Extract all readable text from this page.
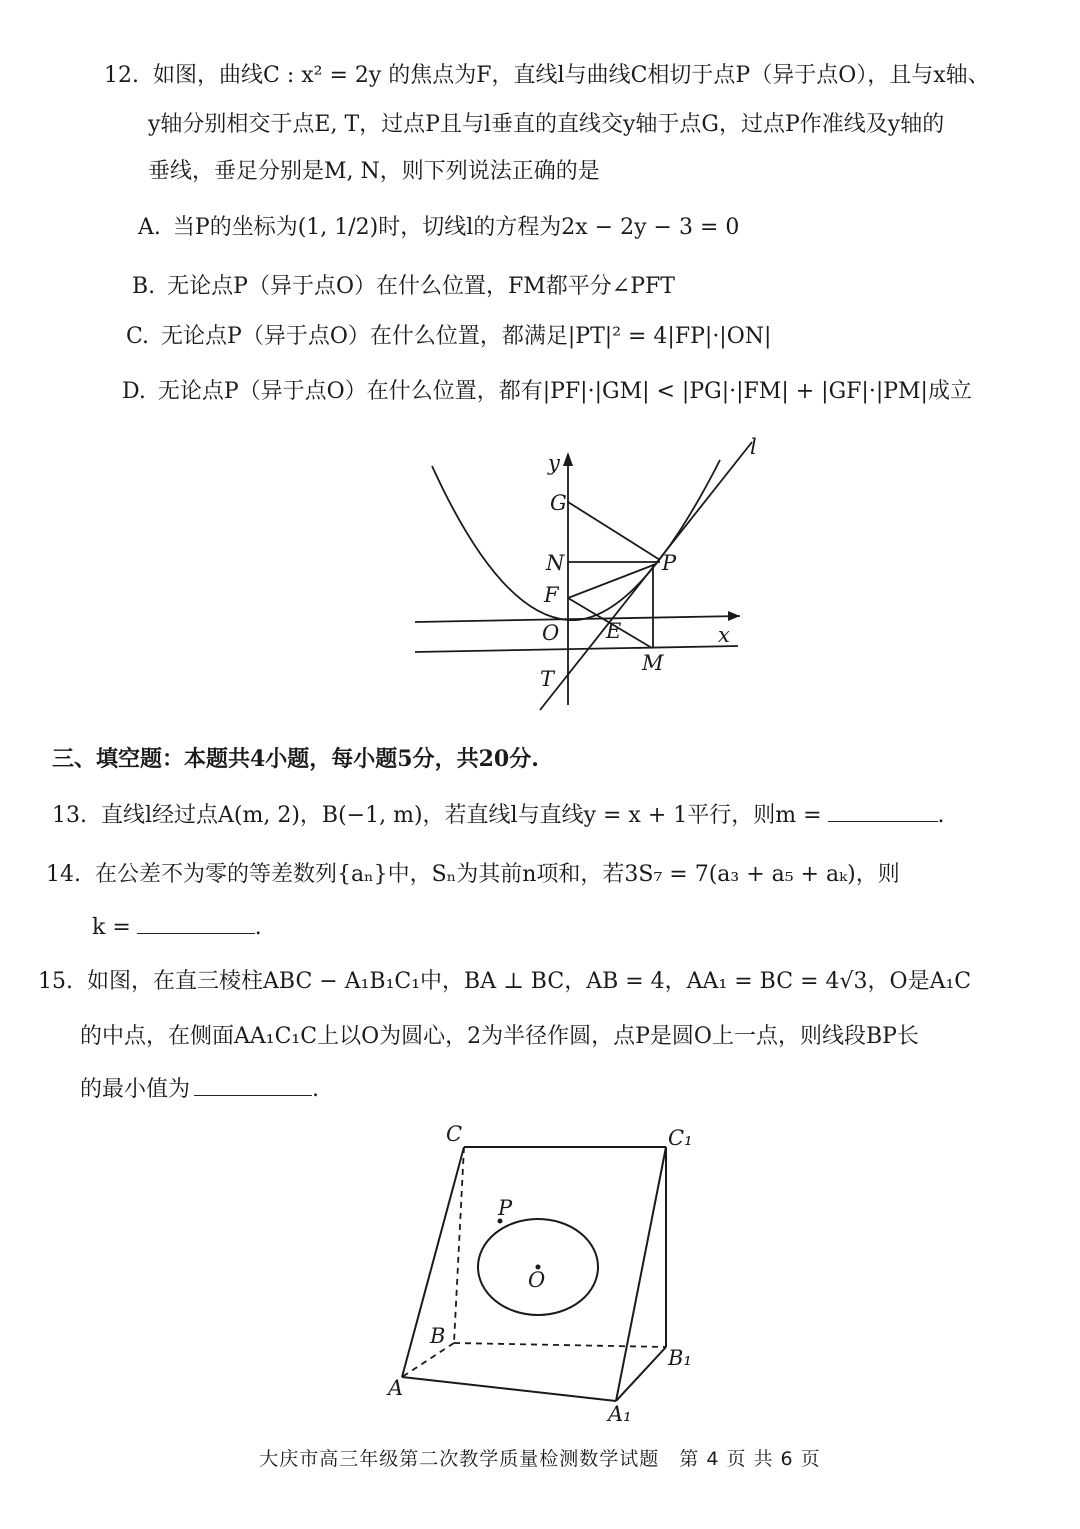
12. 如图，曲线C : x² = 2y 的焦点为F，直线l与曲线C相切于点P（异于点O），且与x轴、
y轴分别相交于点E, T，过点P且与l垂直的直线交y轴于点G，过点P作准线及y轴的
垂线，垂足分别是M, N，则下列说法正确的是
A. 当P的坐标为(1, 1/2)时，切线l的方程为2x − 2y − 3 = 0
B. 无论点P（异于点O）在什么位置，FM都平分∠PFT
C. 无论点P（异于点O）在什么位置，都满足|PT|² = 4|FP|·|ON|
D. 无论点P（异于点O）在什么位置，都有|PF|·|GM| < |PG|·|FM| + |GF|·|PM|成立
y
x
l
G
N	P
F
O E
M
T
三、填空题：本题共4小题，每小题5分，共20分.
13. 直线l经过点A(m, 2)，B(−1, m)，若直线l与直线y = x + 1平行，则m =	.
14. 在公差不为零的等差数列{aₙ}中，Sₙ为其前n项和，若3S₇ = 7(a₃ + a₅ + aₖ)，则
k =	.
15. 如图，在直三棱柱ABC − A₁B₁C₁中，BA ⊥ BC，AB = 4，AA₁ = BC = 4√3，O是A₁C
的中点，在侧面AA₁C₁C上以O为圆心，2为半径作圆，点P是圆O上一点，则线段BP长
的最小值为	.
C	C₁
P
O
B
B₁
A
A₁
大庆市高三年级第二次教学质量检测数学试题　第 4 页 共 6 页
